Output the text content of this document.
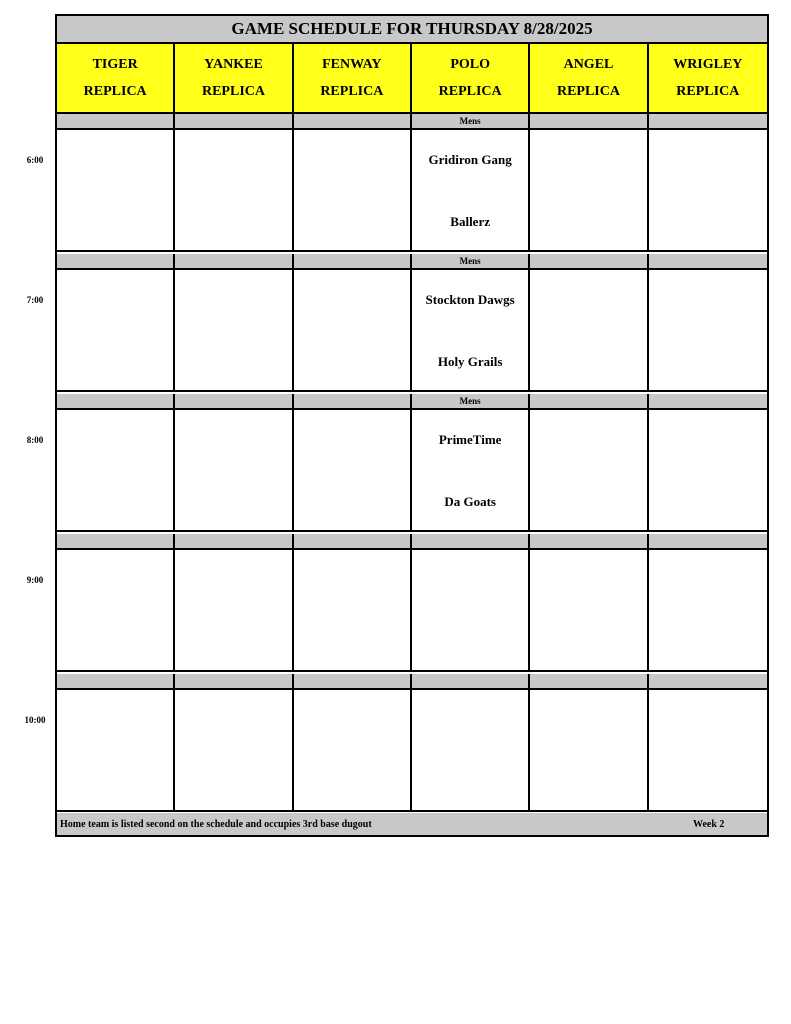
GAME SCHEDULE FOR THURSDAY 8/28/2025
TIGER
REPLICA
YANKEE
REPLICA
FENWAY
REPLICA
POLO
REPLICA
ANGEL
REPLICA
WRIGLEY
REPLICA
Mens
Gridiron Gang
Ballerz
Mens
Stockton Dawgs
Holy Grails
Mens
PrimeTime
Da Goats
Home team is listed second on the schedule and occupies 3rd base dugout	Week 2
6:00
7:00
8:00
9:00
10:00
